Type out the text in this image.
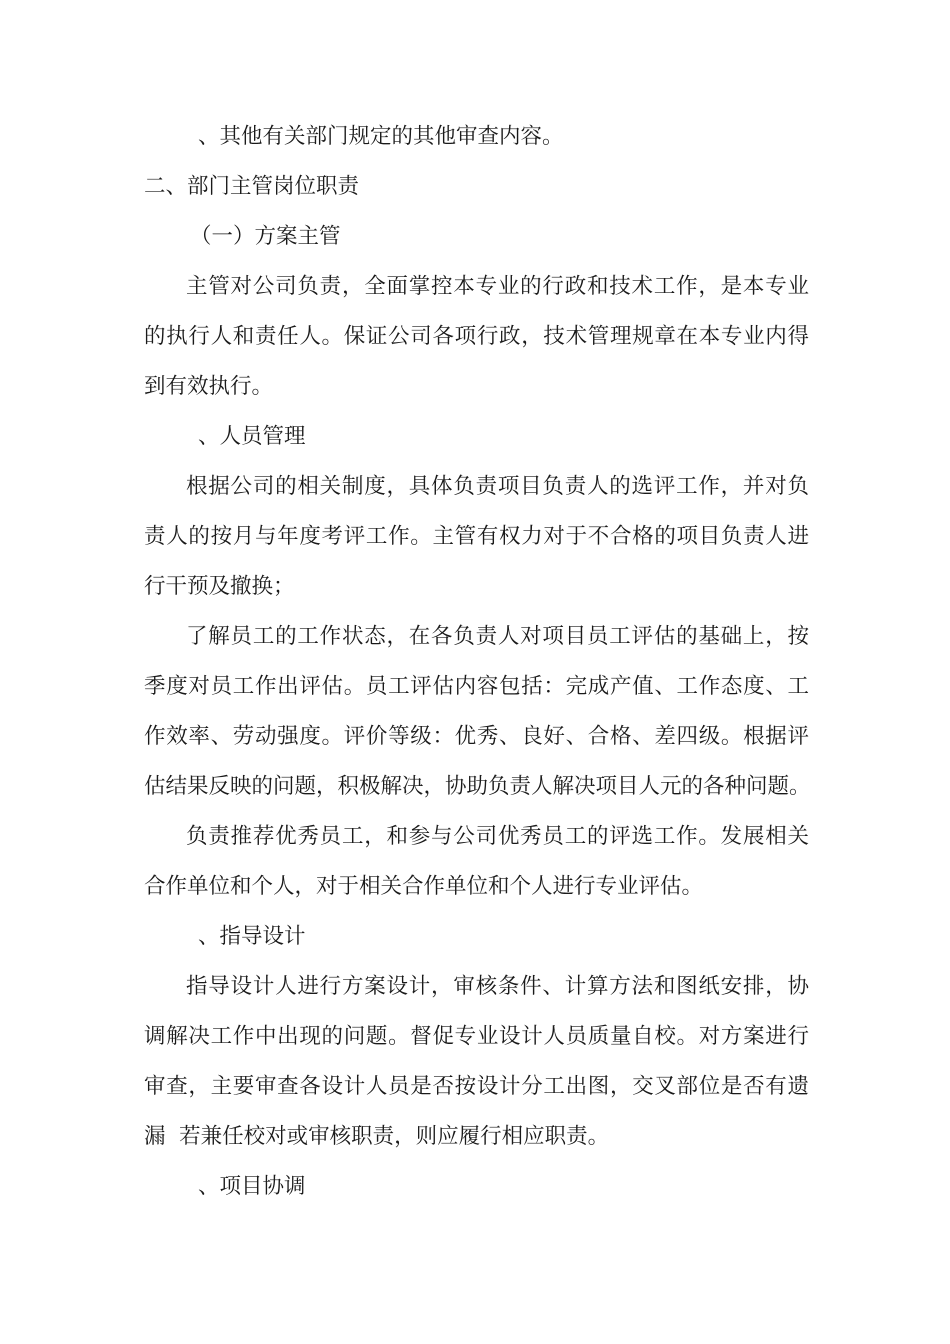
、其他有关部门规定的其他审查内容。
二、部门主管岗位职责
（一）方案主管
主管对公司负责，全面掌控本专业的行政和技术工作，是本专业
的执行人和责任人。保证公司各项行政，技术管理规章在本专业内得
到有效执行。
、人员管理
根据公司的相关制度，具体负责项目负责人的选评工作，并对负
责人的按月与年度考评工作。主管有权力对于不合格的项目负责人进
行干预及撤换；
了解员工的工作状态，在各负责人对项目员工评估的基础上，按
季度对员工作出评估。员工评估内容包括：完成产值、工作态度、工
作效率、劳动强度。评价等级：优秀、良好、合格、差四级。根据评
估结果反映的问题，积极解决，协助负责人解决项目人元的各种问题。
负责推荐优秀员工，和参与公司优秀员工的评选工作。发展相关
合作单位和个人，对于相关合作单位和个人进行专业评估。
、指导设计
指导设计人进行方案设计，审核条件、计算方法和图纸安排，协
调解决工作中出现的问题。督促专业设计人员质量自校。对方案进行
审查，主要审查各设计人员是否按设计分工出图，交叉部位是否有遗
漏  若兼任校对或审核职责，则应履行相应职责。
、项目协调
